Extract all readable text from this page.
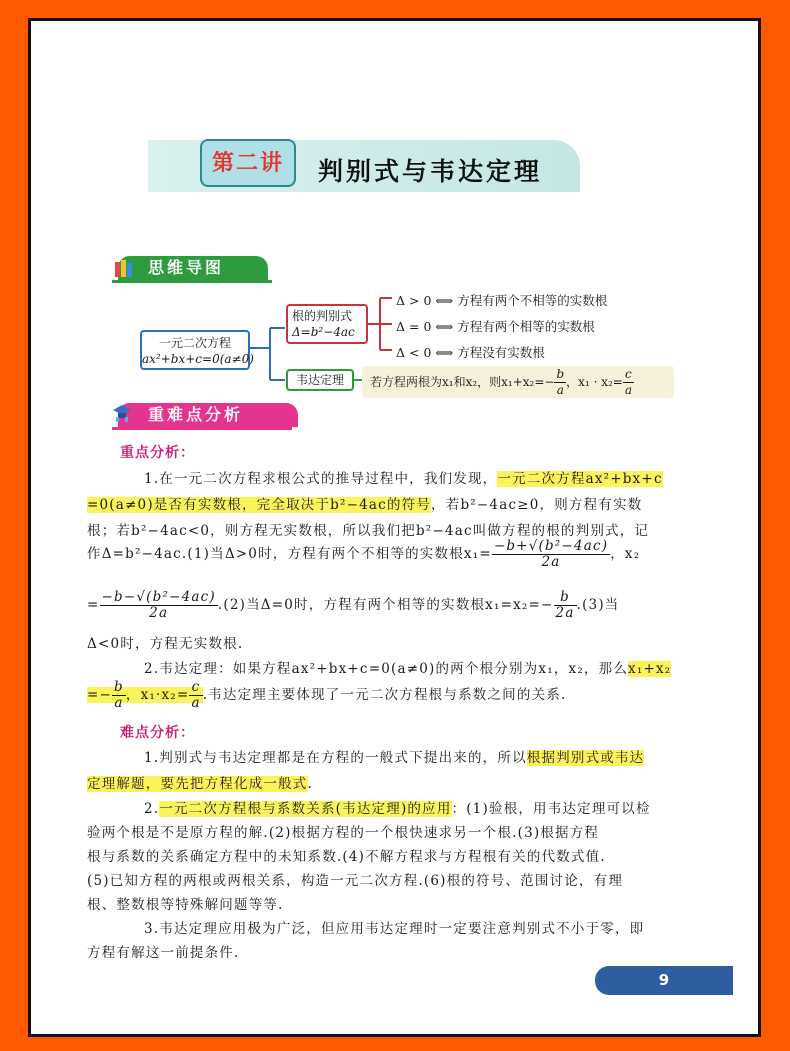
第二讲	判别式与韦达定理
思维导图
一元二次方程
ax²+bx+c=0(a≠0)
根的判别式
Δ=b²−4ac
Δ > 0 ⟺ 方程有两个不相等的实数根
Δ = 0 ⟺ 方程有两个相等的实数根
Δ < 0 ⟺ 方程没有实数根
韦达定理	若方程两根为x₁和x₂，则$x_1+x_2=- \frac{b}{a}$ ，$x_1 \cdot x_2= \frac{c}{a}$
重难点分析
重点分析：
1.在一元二次方程求根公式的推导过程中，我们发现，一元二次方程ax²+bx+c
=0(a≠0)是否有实数根，完全取决于b²−4ac的符号，若b²−4ac≥0，则方程有实数
根；若b²−4ac<0，则方程无实数根，所以我们把b²−4ac叫做方程的根的判别式，记
作Δ=b²−4ac.(1)当Δ>0时，方程有两个不相等的实数根$x_1= \frac{\text{−b+√(b²−4ac)}}{2a}$ ，x₂
= $\frac{\text{−b−√(b²−4ac)}}{2a} .(2)$当Δ=0时，方程有两个相等的实数根$x_1=x_2=- \frac{b}{2a} .(3)$当
Δ<0时，方程无实数根.
2.韦达定理：如果方程ax²+bx+c=0(a≠0)的两个根分别为x₁，x₂，那么x₁+x₂
=− $\frac{b}{a}$ ，$x_1\cdot x_2= \frac{c}{a}$ .韦达定理主要体现了一元二次方程根与系数之间的关系.
难点分析：
1.判别式与韦达定理都是在方程的一般式下提出来的，所以根据判别式或韦达
定理解题，要先把方程化成一般式.
2.一元二次方程根与系数关系(韦达定理)的应用：(1)验根，用韦达定理可以检
验两个根是不是原方程的解.(2)根据方程的一个根快速求另一个根.(3)根据方程
根与系数的关系确定方程中的未知系数.(4)不解方程求与方程根有关的代数式值.
(5)已知方程的两根或两根关系，构造一元二次方程.(6)根的符号、范围讨论，有理
根、整数根等特殊解问题等等.
3.韦达定理应用极为广泛，但应用韦达定理时一定要注意判别式不小于零，即
方程有解这一前提条件.
9
